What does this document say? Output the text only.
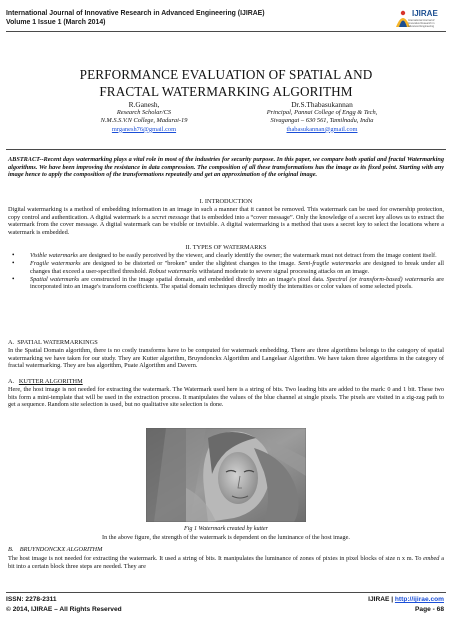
International Journal of Innovative Research in Advanced Engineering (IJIRAE)
Volume 1 Issue 1 (March 2014)
IJIRAE
International Journal of Innovative Research in Advanced Engineering
PERFORMANCE EVALUATION OF SPATIAL AND
FRACTAL WATERMARKING ALGORITHM
R.Ganesh,
Research Scholar/CS
N.M.S.S.V.N College, Madurai-19
mrganesh76@gmail.com
Dr.S.Thabasukannan
Principal, Pannai College of Engg & Tech,
Sivagangai – 630 561, Tamilnadu, India
thabasukannan@gmail.com
ABSTRACT--Recent days watermarking plays a vital role in most of the industries for security purpose. In this paper, we compare both spatial and fractal Watermarking algorithms. We have been improving the resistance in data compression. The composition of all these transformations has the image as its fixed point. Starting with any image hence to apply the composition of the transformations repeatedly and get an approximation of the original image.
I. INTRODUCTION
Digital watermarking is a method of embedding information in an image in such a manner that it cannot be removed. This watermark can be used for ownership protection, copy control and authentication. A digital watermark is a secret message that is embedded into a “cover message”. Only the knowledge of a secret key allows us to extract the watermark from the cover message. A digital watermark can be visible or invisible. A digital watermarking is a method that uses a secret key to select the locations where a watermark is embedded.
II. TYPES OF WATERMARKS
• Visible watermarks are designed to be easily perceived by the viewer, and clearly identify the owner; the watermark must not detract from the image content itself.
• Fragile watermarks are designed to be distorted or "broken" under the slightest changes to the image. Semi-fragile watermarks are designed to break under all changes that exceed a user-specified threshold. Robust watermarks withstand moderate to severe signal processing attacks on an image.
• Spatial watermarks are constructed in the image spatial domain, and embedded directly into an image's pixel data. Spectral (or transform-based) watermarks are incorporated into an image's transform coefficients. The spatial domain techniques directly modify the intensities or color values of some selected pixels.
A. SPATIAL WATERMARKINGS
In the Spatial Domain algorithm, there is no costly transforms have to be computed for watermark embedding. There are three algorithms belongs to the category of spatial watermarking we have taken for our study. They are Kutter algorithm, Bruyndonckx Algorithm and Langelaar Algorithm. We have taken three algorithms in the category of fractal watermarking. They are bas algorithm, Puate Algorithm and Davern.
A. KUTTER ALGORITHM
Here, the host image is not needed for extracting the watermark. The Watermark used here is a string of bits. Two leading bits are added to the mark: 0 and 1 bit. These two bits form a mini-template that will be used in the extraction process. It manipulates the values of the blue channel at single pixels. The pixels are visited in a zig-zag path to get a sequence. Random site selection is used, but no qualitative site selection is done.
Fig 1 Watermark created by kutter
In the above figure, the strength of the watermark is dependent on the luminance of the host image.
B. BRUYNDONCKX ALGORITHM
The host image is not needed for extracting the watermark. It used a string of bits. It manipulates the luminance of zones of pixies in pixel blocks of size n x m. To embed a bit into a certain block three steps are needed. They are
ISSN: 2278-2311
© 2014, IJIRAE – All Rights Reserved
IJIRAE | http://ijirae.com
Page - 68
